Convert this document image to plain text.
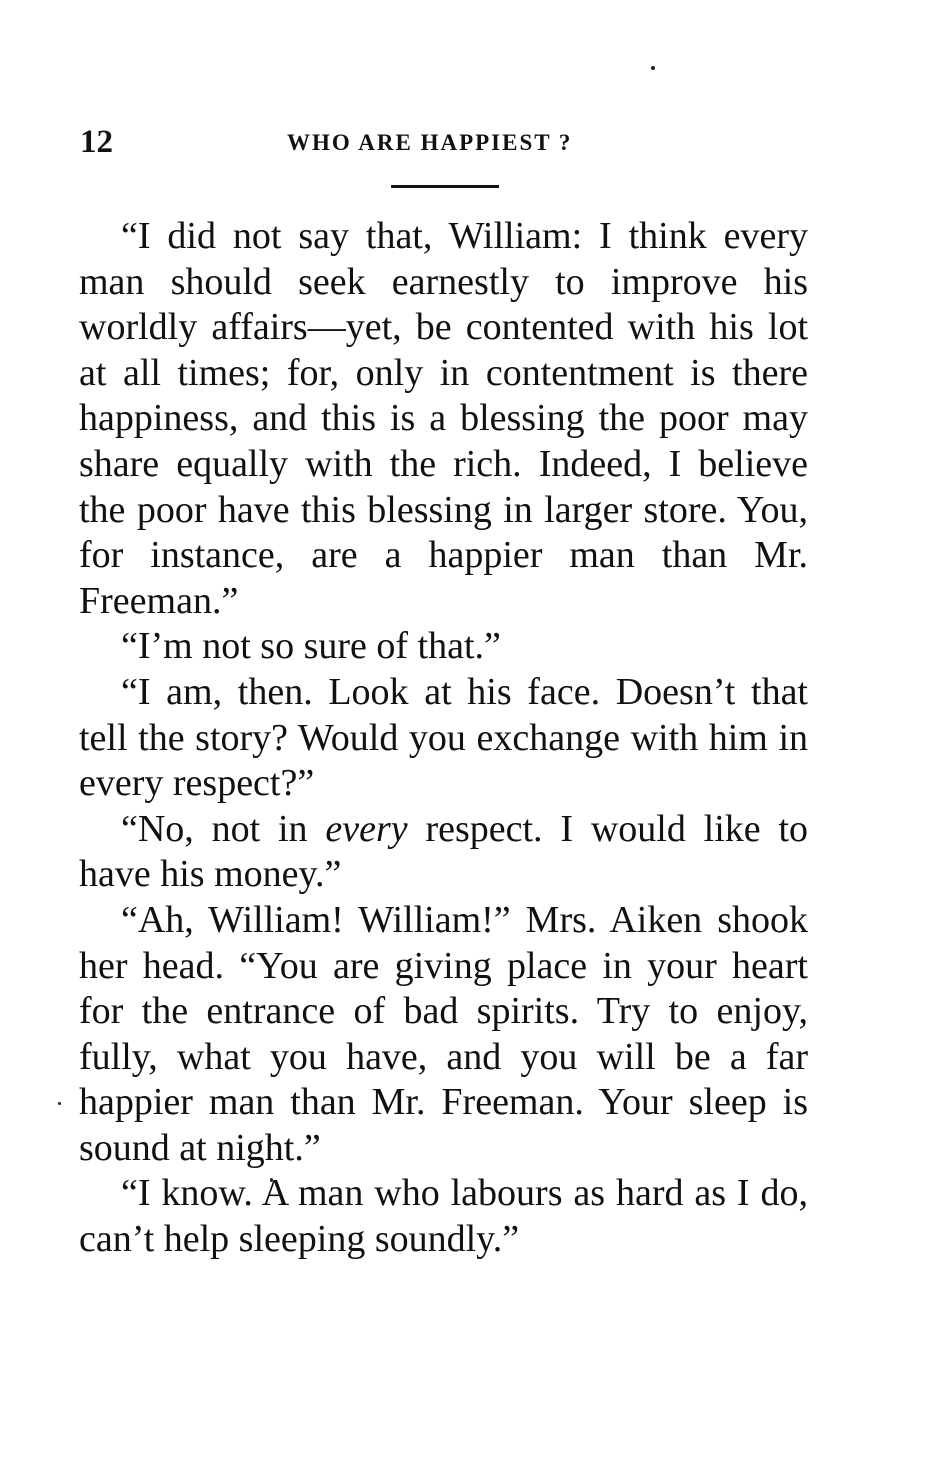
12	WHO ARE HAPPIEST ?

“I did not say that, William: I think every man should seek earnestly to improve his worldly affairs—yet, be contented with his lot at all times; for, only in contentment is there happiness, and this is a blessing the poor may share equally with the rich. Indeed, I believe the poor have this blessing in larger store. You, for instance, are a happier man than Mr. Freeman.”

“I’m not so sure of that.”

“I am, then. Look at his face. Doesn’t that tell the story? Would you exchange with him in every respect?”

“No, not in every respect. I would like to have his money.”

“Ah, William! William!” Mrs. Aiken shook her head. “You are giving place in your heart for the entrance of bad spirits. Try to enjoy, fully, what you have, and you will be a far happier man than Mr. Freeman. Your sleep is sound at night.”

“I know. A man who labours as hard as I do, can’t help sleeping soundly.”
